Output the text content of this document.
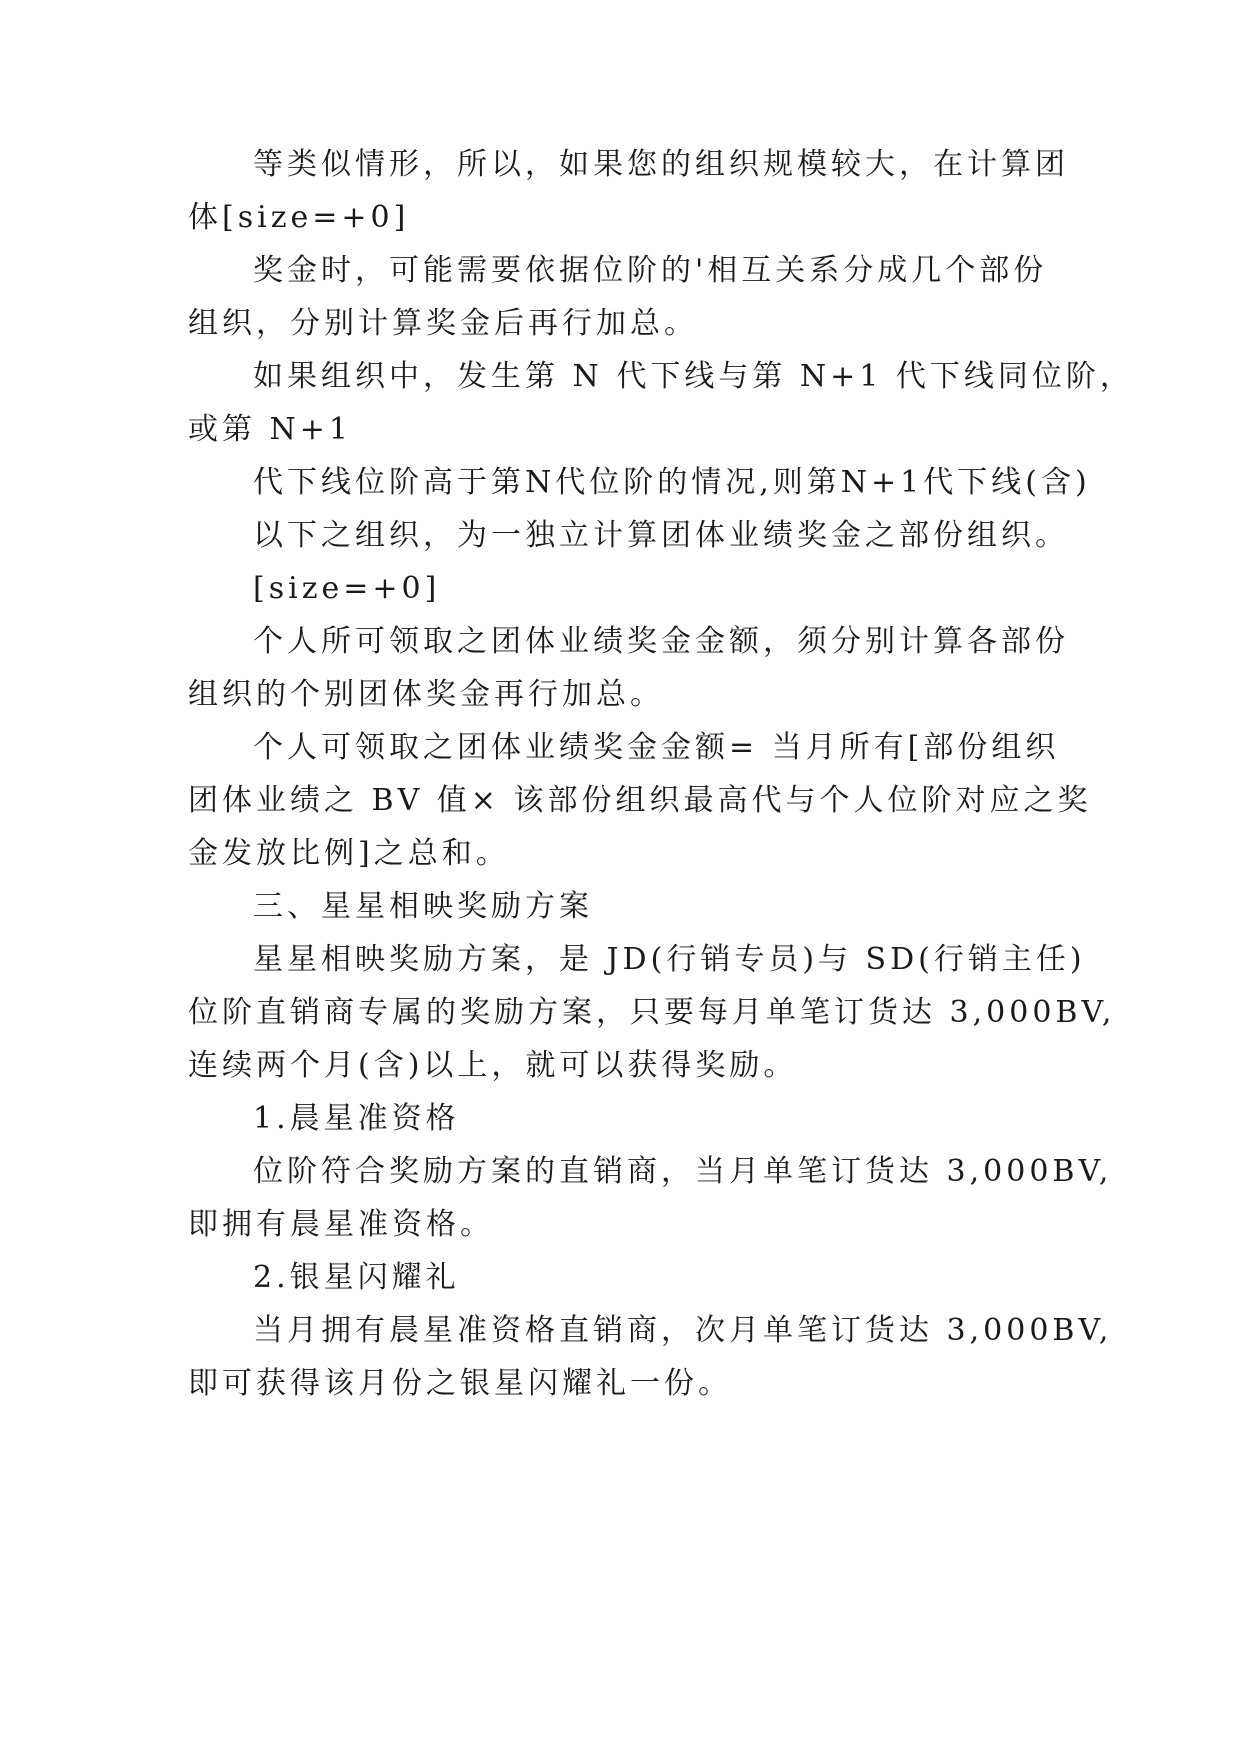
等类似情形，所以，如果您的组织规模较大，在计算团
体[size=+0]
奖金时，可能需要依据位阶的'相互关系分成几个部份
组织，分别计算奖金后再行加总。
如果组织中，发生第 N 代下线与第 N+1 代下线同位阶，
或第 N+1
代下线位阶高于第N代位阶的情况,则第N+1代下线(含)
以下之组织，为一独立计算团体业绩奖金之部份组织。
[size=+0]
个人所可领取之团体业绩奖金金额，须分别计算各部份
组织的个别团体奖金再行加总。
个人可领取之团体业绩奖金金额= 当月所有[部份组织
团体业绩之 BV 值× 该部份组织最高代与个人位阶对应之奖
金发放比例]之总和。
三、星星相映奖励方案
星星相映奖励方案，是 JD(行销专员)与 SD(行销主任)
位阶直销商专属的奖励方案，只要每月单笔订货达 3,000BV,
连续两个月(含)以上，就可以获得奖励。
1.晨星准资格
位阶符合奖励方案的直销商，当月单笔订货达 3,000BV,
即拥有晨星准资格。
2.银星闪耀礼
当月拥有晨星准资格直销商，次月单笔订货达 3,000BV,
即可获得该月份之银星闪耀礼一份。
